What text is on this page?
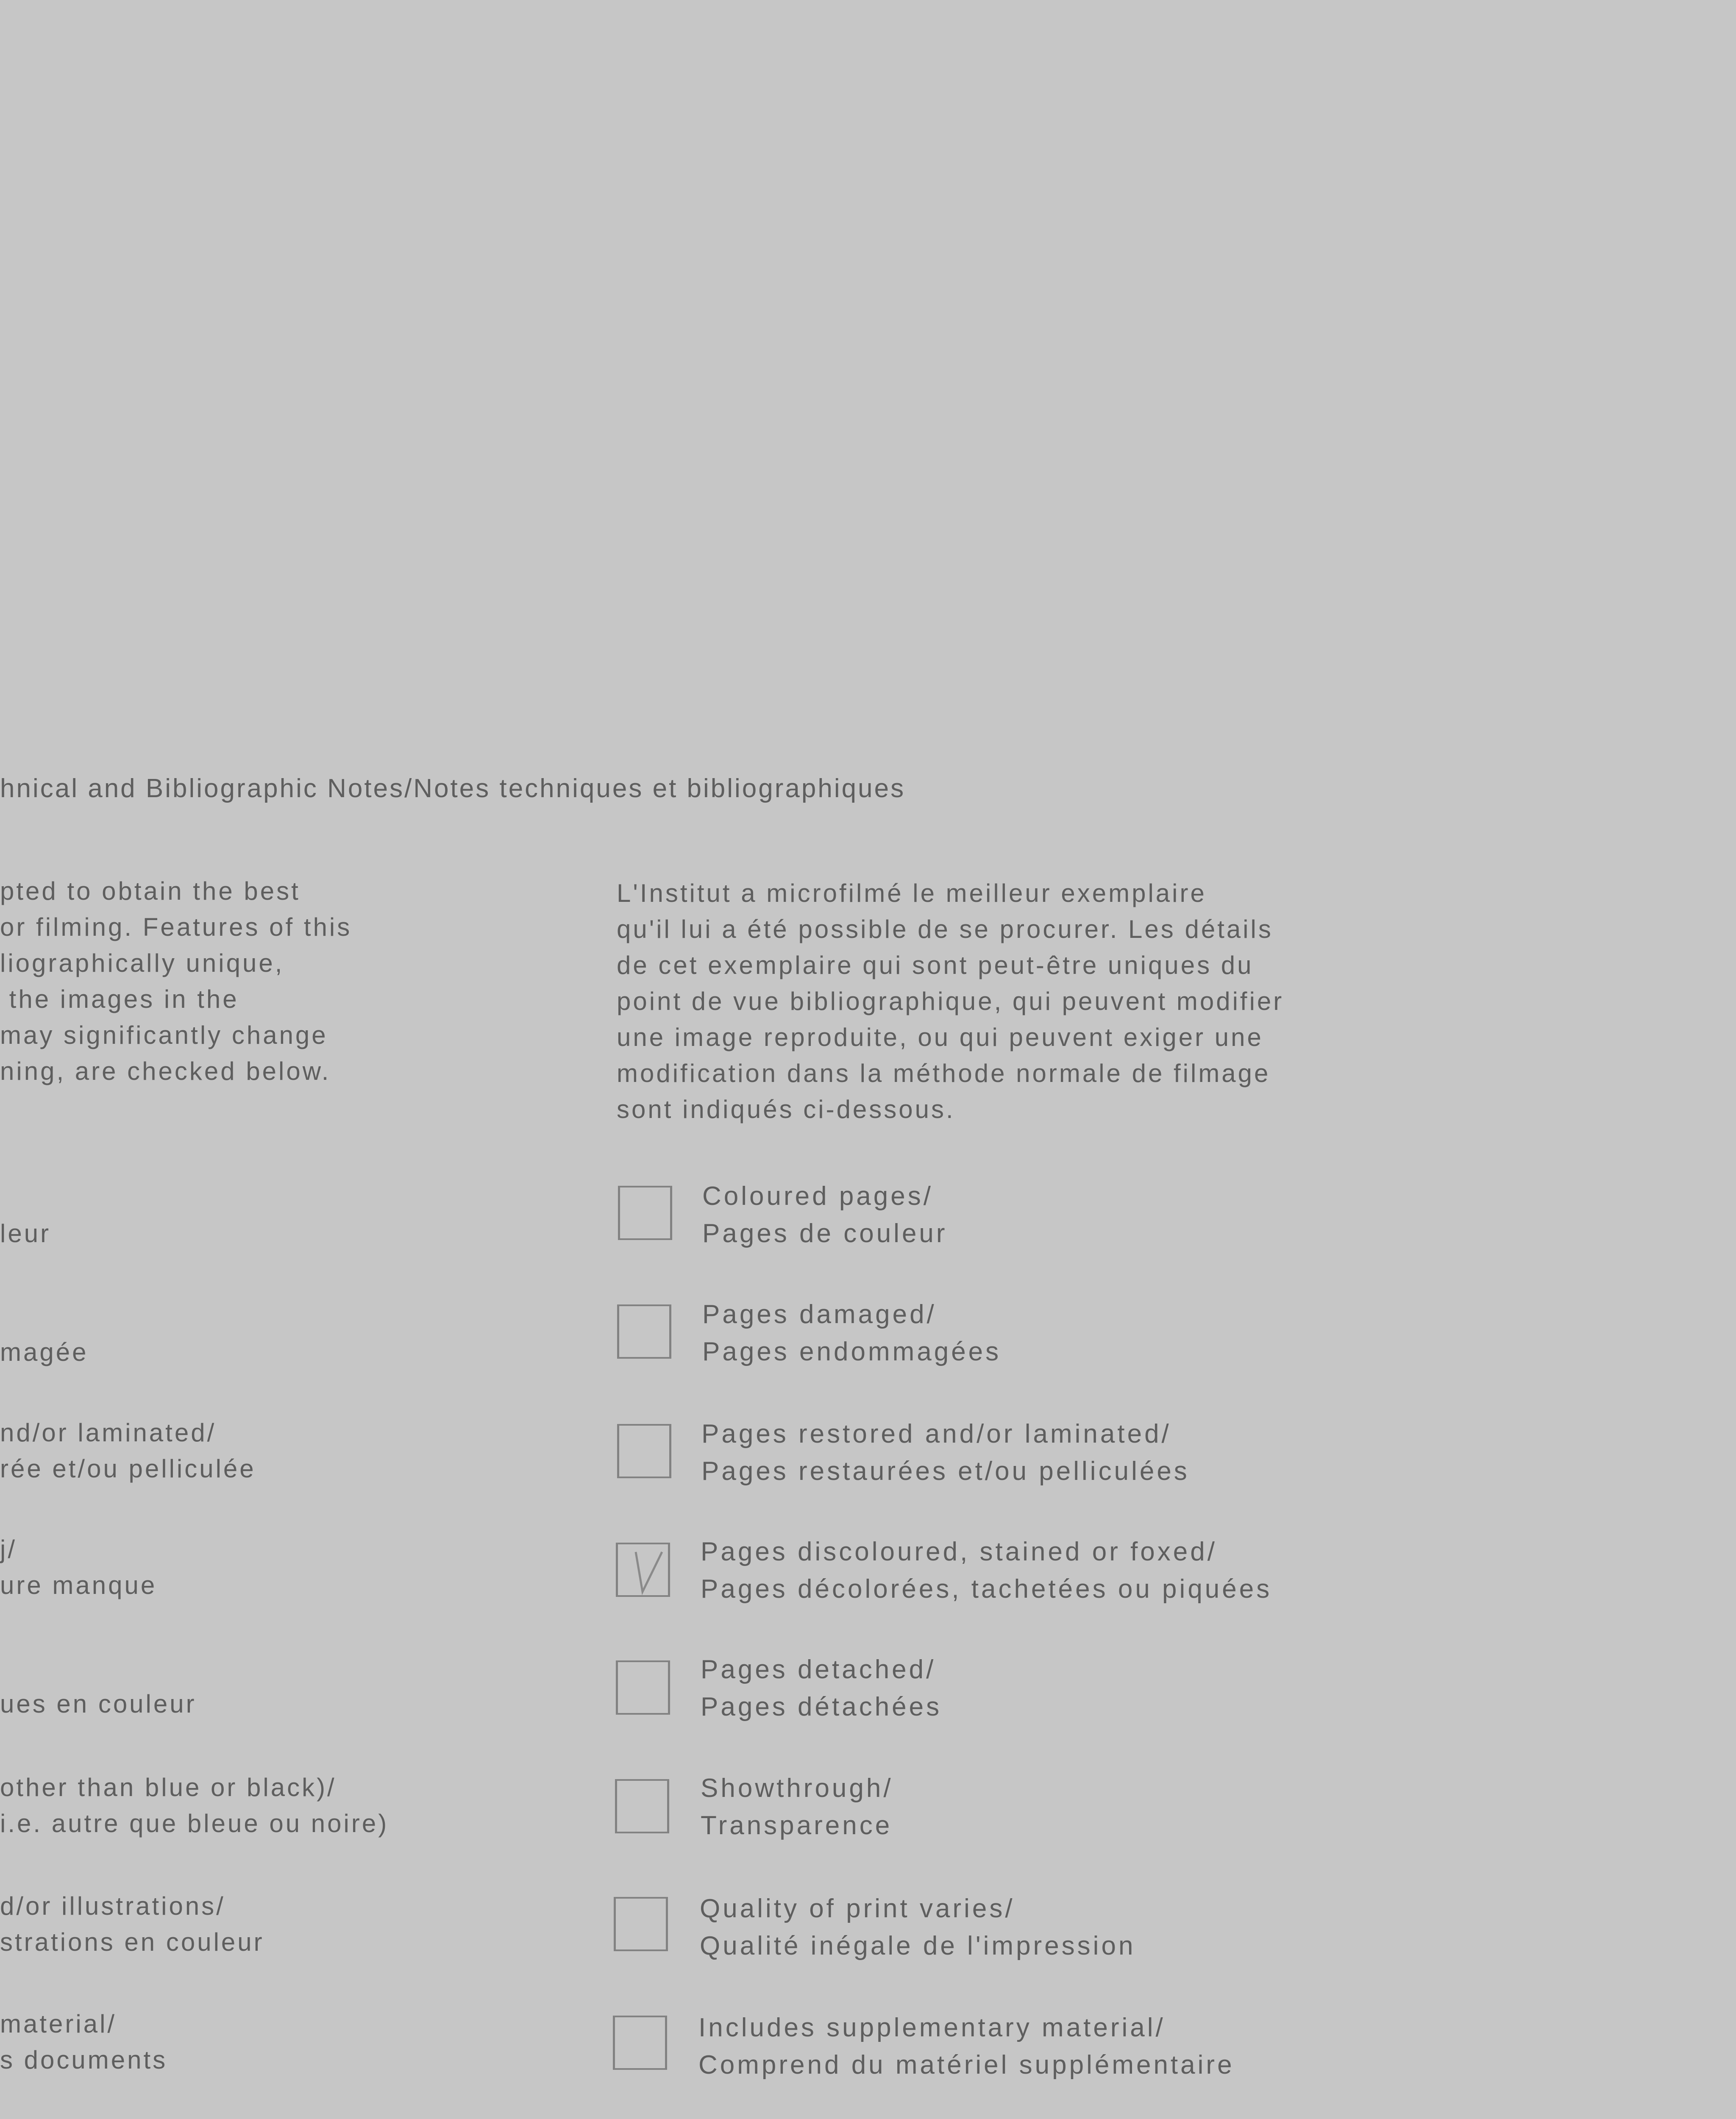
hnical and Bibliographic Notes/Notes techniques et bibliographiques

pted to obtain the best
or filming. Features of this
liographically unique,
the images in the
may significantly change
ning, are checked below.
L'Institut a microfilmé le meilleur exemplaire
qu'il lui a été possible de se procurer. Les détails
de cet exemplaire qui sont peut-être uniques du
point de vue bibliographique, qui peuvent modifier
une image reproduite, ou qui peuvent exiger une
modification dans la méthode normale de filmage
sont indiqués ci-dessous.

leur

magée
nd/or laminated/
rée et/ou pelliculée
j/
ure manque

ues en couleur
other than blue or black)/
i.e. autre que bleue ou noire)
d/or illustrations/
strations en couleur
material/
s documents
Coloured pages/
Pages de couleur
Pages damaged/
Pages endommagées
Pages restored and/or laminated/
Pages restaurées et/ou pelliculées
Pages discoloured, stained or foxed/
Pages décolorées, tachetées ou piquées
Pages detached/
Pages détachées
Showthrough/
Transparence
Quality of print varies/
Qualité inégale de l'impression
Includes supplementary material/
Comprend du matériel supplémentaire
